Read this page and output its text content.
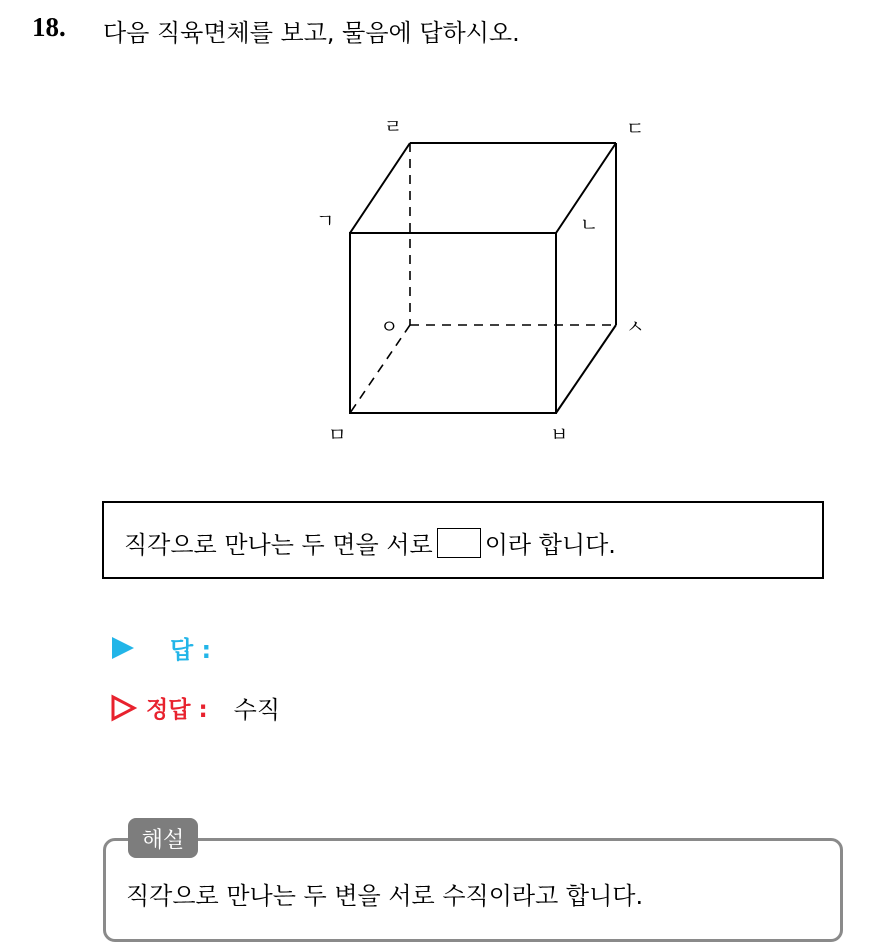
18. 다음 직육면체를 보고, 물음에 답하시오.
ㄹ	ㄷ
ㄱ	ㄴ
ㅇ	ㅅ
ㅁ	ㅂ
직각으로 만나는 두 면을 서로 이라 합니다.
답 :
정답 : 수직
해설
직각으로 만나는 두 변을 서로 수직이라고 합니다.
